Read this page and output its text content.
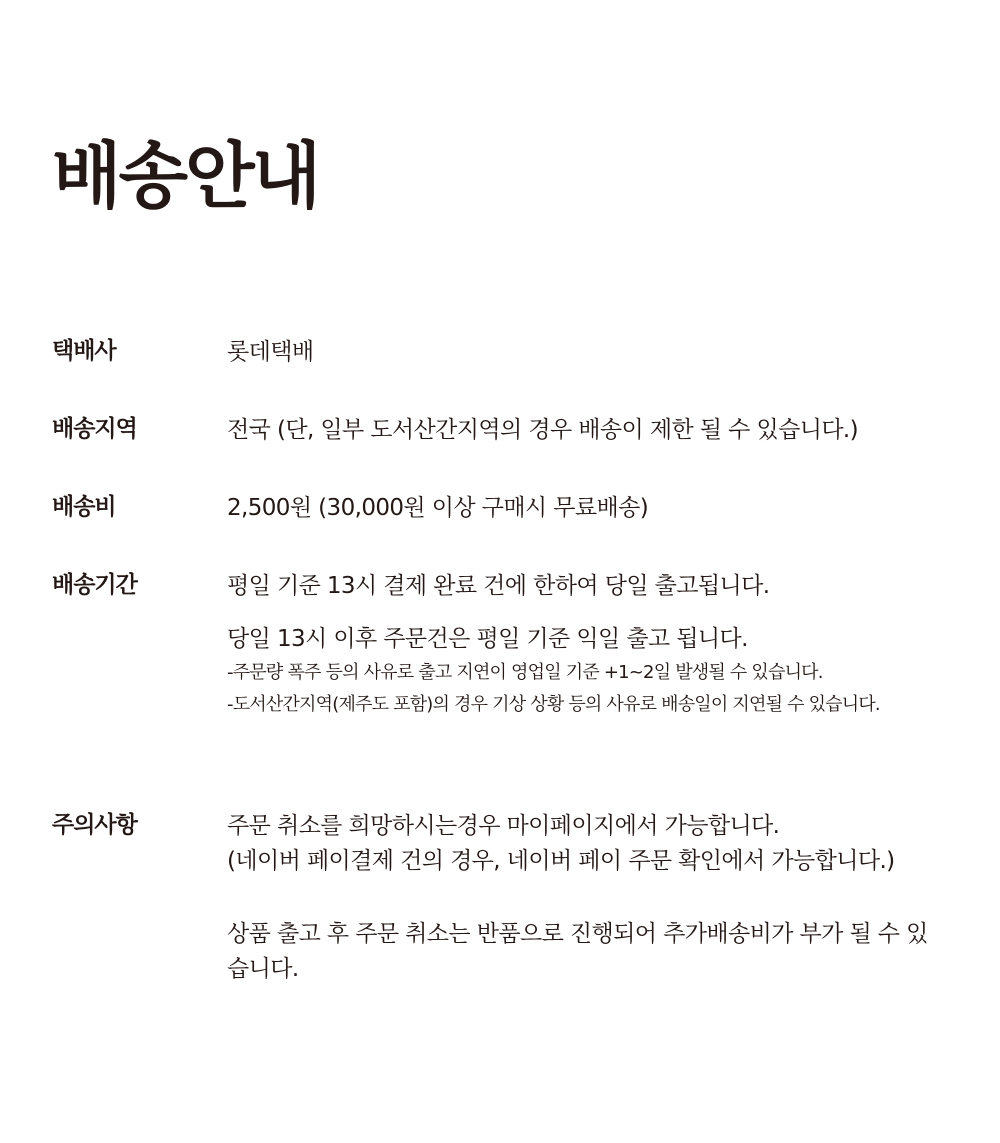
배송안내
택배사	롯데택배

배송지역	전국 (단, 일부 도서산간지역의 경우 배송이 제한 될 수 있습니다.)

배송비	2,500원 (30,000원 이상 구매시 무료배송)

배송기간	평일 기준 13시 결제 완료 건에 한하여 당일 출고됩니다.

당일 13시 이후 주문건은 평일 기준 익일 출고 됩니다.

-주문량 폭주 등의 사유로 출고 지연이 영업일 기준 +1~2일 발생될 수 있습니다.

-도서산간지역(제주도 포함)의 경우 기상 상황 등의 사유로 배송일이 지연될 수 있습니다.

주의사항	주문 취소를 희망하시는경우 마이페이지에서 가능합니다.

(네이버 페이결제 건의 경우, 네이버 페이 주문 확인에서 가능합니다.)

상품 출고 후 주문 취소는 반품으로 진행되어 추가배송비가 부가 될 수 있습니다.
